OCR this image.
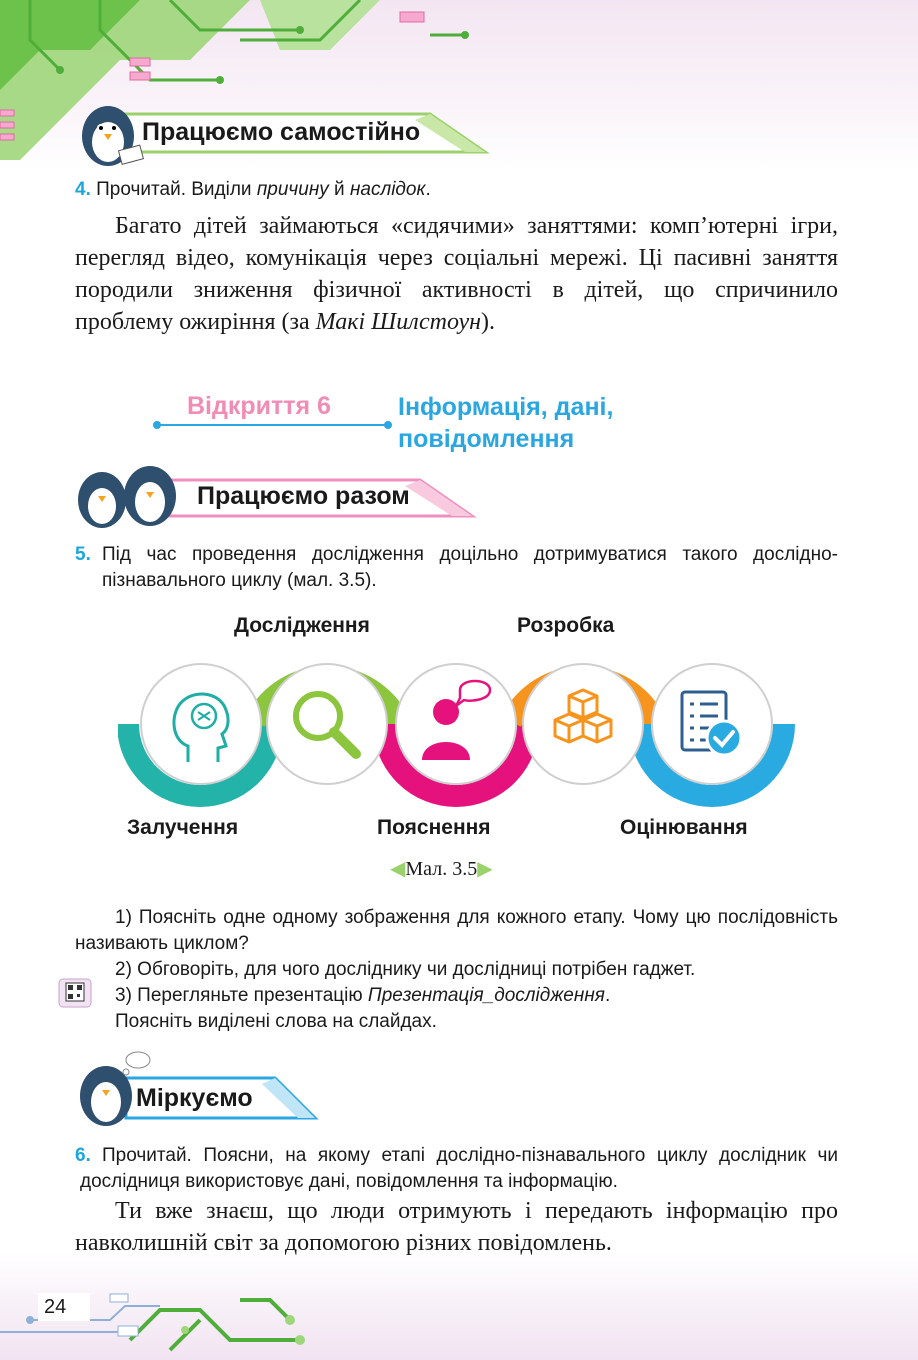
Працюємо самостійно
4. Прочитай. Виділи причину й наслідок.
Багато дітей займаються «сидячими» заняттями: комп’ютерні ігри, перегляд відео, комунікація через соціальні мережі. Ці пасивні заняття породили зниження фізичної активності в дітей, що спричинило проблему ожиріння (за Макі Шилстоун).
Відкриття 6	Інформація, дані,
повідомлення
Працюємо разом
5. Під час проведення дослідження доцільно дотримуватися такого дослідно-пізнавального циклу (мал. 3.5).
Дослідження	Розробка
Залучення	Пояснення	Оцінювання
◀Мал. 3.5▶
1) Поясніть одне одному зображення для кожного етапу. Чому цю послідовність називають циклом?
2) Обговоріть, для чого досліднику чи дослідниці потрібен гаджет.
3) Перегляньте презентацію Презентація_дослідження.
Поясніть виділені слова на слайдах.
Міркуємо
6. Прочитай. Поясни, на якому етапі дослідно-пізнавального циклу дослідник чи дослідниця використовує дані, повідомлення та інформацію.
Ти вже знаєш, що люди отримують і передають інформацію про навколишній світ за допомогою різних повідомлень.
24
